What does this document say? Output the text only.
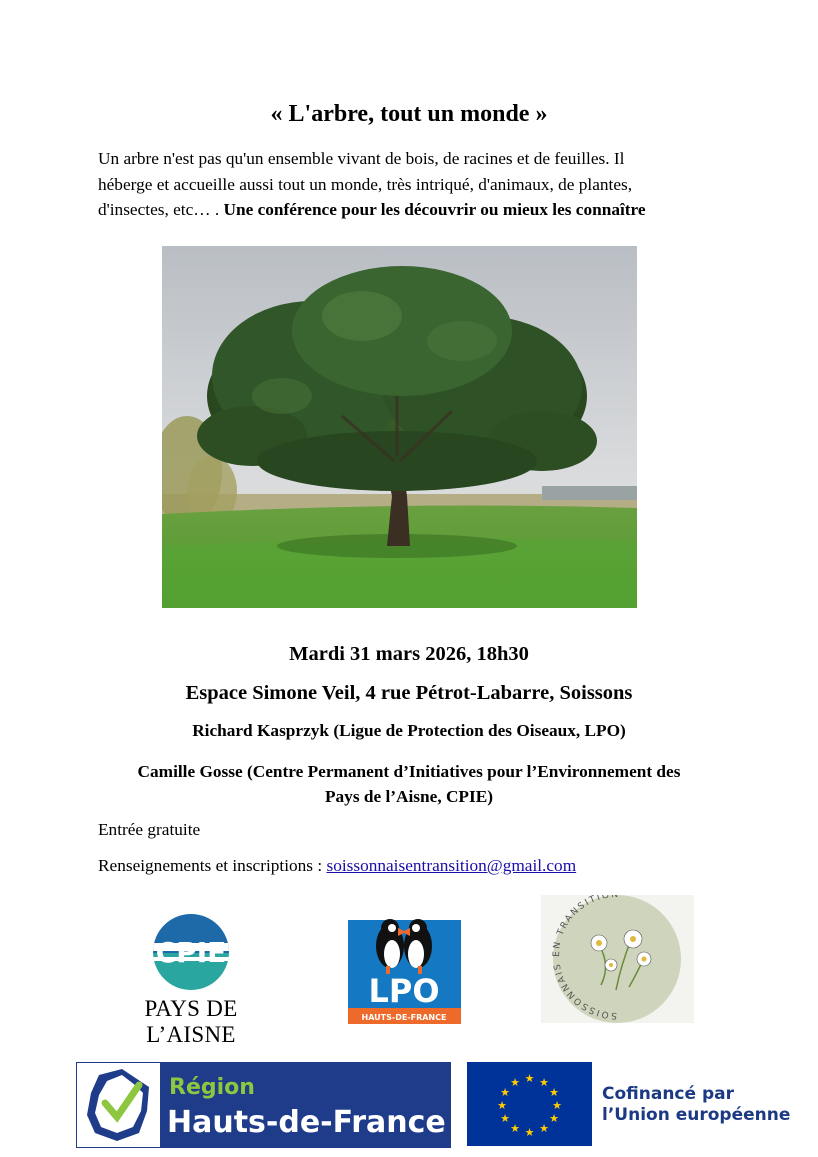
« L'arbre, tout un monde »
Un arbre n'est pas qu'un ensemble vivant de bois, de racines et de feuilles. Il
héberge et accueille aussi tout un monde, très intriqué, d'animaux, de plantes,
d'insectes, etc… . Une conférence pour les découvrir ou mieux les connaître
Mardi 31 mars 2026, 18h30
Espace Simone Veil, 4 rue Pétrot-Labarre, Soissons
Richard Kasprzyk (Ligue de Protection des Oiseaux, LPO)
Camille Gosse (Centre Permanent d’Initiatives pour l’Environnement des
Pays de l’Aisne, CPIE)
Entrée gratuite
Renseignements et inscriptions : soissonnaisentransition@gmail.com
CPIE
PAYS DE L’AISNE
LPO
HAUTS-DE-FRANCE	SOISSONNAIS EN TRANSITION
Région
Hauts-de-France
★ ★
★
★
★
★
★
★
★
★
★
★
Cofinancé par
l’Union européenne
